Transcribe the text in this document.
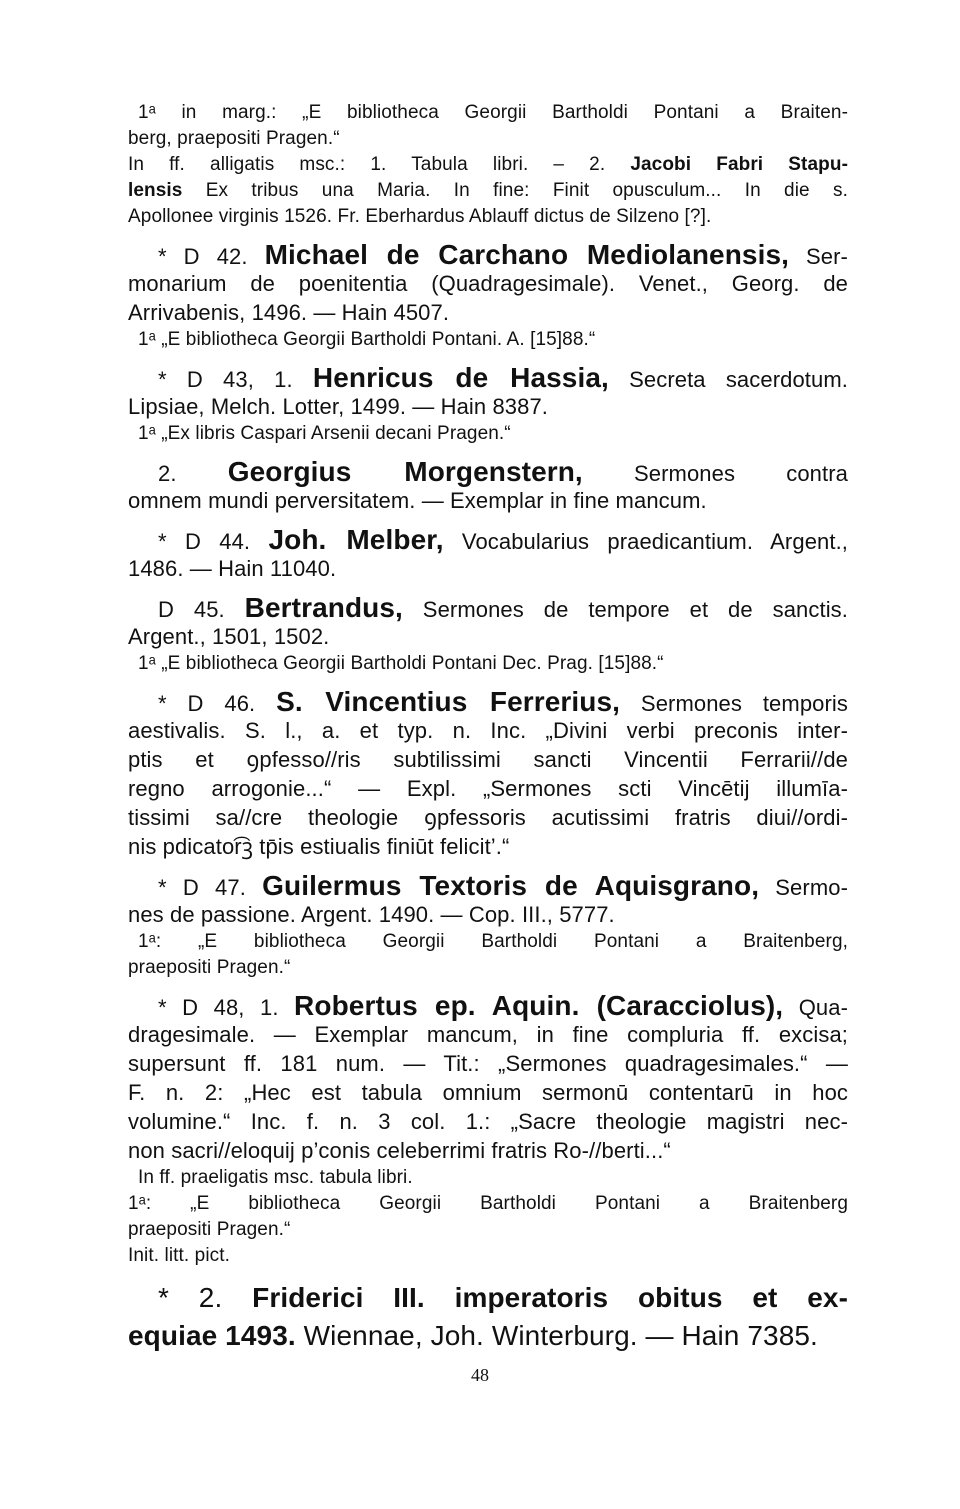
1ᵃ in marg.: „E bibliotheca Georgii Bartholdi Pontani a Braiten-
berg, praepositi Pragen.“
In ff. alligatis msc.: 1. Tabula libri. – 2. Jacobi Fabri Stapu-
lensis Ex tribus una Maria. In fine: Finit opusculum... In die s.
Apollonee virginis 1526. Fr. Eberhardus Ablauff dictus de Silzeno [?].
* D 42. Michael de Carchano Mediolanensis, Ser-
monarium de poenitentia (Quadragesimale). Venet., Georg. de
Arrivabenis, 1496. — Hain 4507.
1ᵃ „E bibliotheca Georgii Bartholdi Pontani. A. [15]88.“
* D 43, 1. Henricus de Hassia, Secreta sacerdotum.
Lipsiae, Melch. Lotter, 1499. — Hain 8387.
1ᵃ „Ex libris Caspari Arsenii decani Pragen.“
2. Georgius Morgenstern, Sermones contra
omnem mundi perversitatem. — Exemplar in fine mancum.
* D 44. Joh. Melber, Vocabularius praedicantium. Argent.,
1486. — Hain 11040.
D 45. Bertrandus, Sermones de tempore et de sanctis.
Argent., 1501, 1502.
1ᵃ „E bibliotheca Georgii Bartholdi Pontani Dec. Prag. [15]88.“
* D 46. S. Vincentius Ferrerius, Sermones temporis
aestivalis. S. l., a. et typ. n. Inc. „Divini verbi preconis inter-
ptis et ꝯpfesso//ris subtilissimi sancti Vincentii Ferrarii//de
regno arrogonie...“ — Expl. „Sermones scti Vincētij illumīa-
tissimi sa//cre theologie ꝯpfessoris acutissimi fratris diui//ordi-
nis pdicator͡ꝫ tp̄is estiualis finiūt felicit’.“
* D 47. Guilermus Textoris de Aquisgrano, Sermo-
nes de passione. Argent. 1490. — Cop. III., 5777.
1ᵃ: „E bibliotheca Georgii Bartholdi Pontani a Braitenberg,
praepositi Pragen.“
* D 48, 1. Robertus ep. Aquin. (Caracciolus), Qua-
dragesimale. — Exemplar mancum, in fine compluria ff. excisa;
supersunt ff. 181 num. — Tit.: „Sermones quadragesimales.“ —
F. n. 2: „Hec est tabula omnium sermonū contentarū in hoc
volumine.“ Inc. f. n. 3 col. 1.: „Sacre theologie magistri nec-
non sacri//eloquij p’conis celeberrimi fratris Ro-//berti...“
In ff. praeligatis msc. tabula libri.
1ᵃ: „E bibliotheca Georgii Bartholdi Pontani a Braitenberg
praepositi Pragen.“
Init. litt. pict.
* 2. Friderici III. imperatoris obitus et ex-
equiae 1493. Wiennae, Joh. Winterburg. — Hain 7385.
48
